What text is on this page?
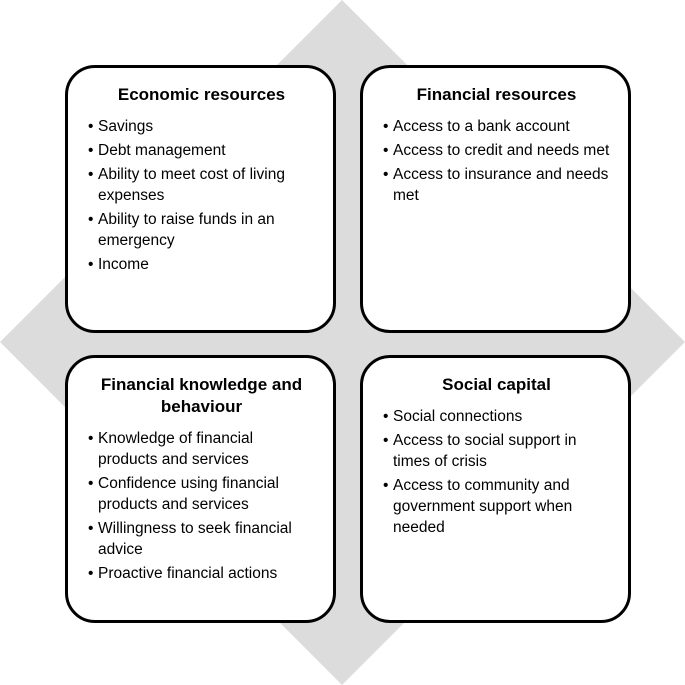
Economic resources
• Savings
• Debt management
• Ability to meet cost of living expenses
• Ability to raise funds in an emergency
• Income
Financial resources
• Access to a bank account
• Access to credit and needs met
• Access to insurance and needs met
Financial knowledge and behaviour
• Knowledge of financial products and services
• Confidence using financial products and services
• Willingness to seek financial advice
• Proactive financial actions
Social capital
• Social connections
• Access to social support in times of crisis
• Access to community and government support when needed
